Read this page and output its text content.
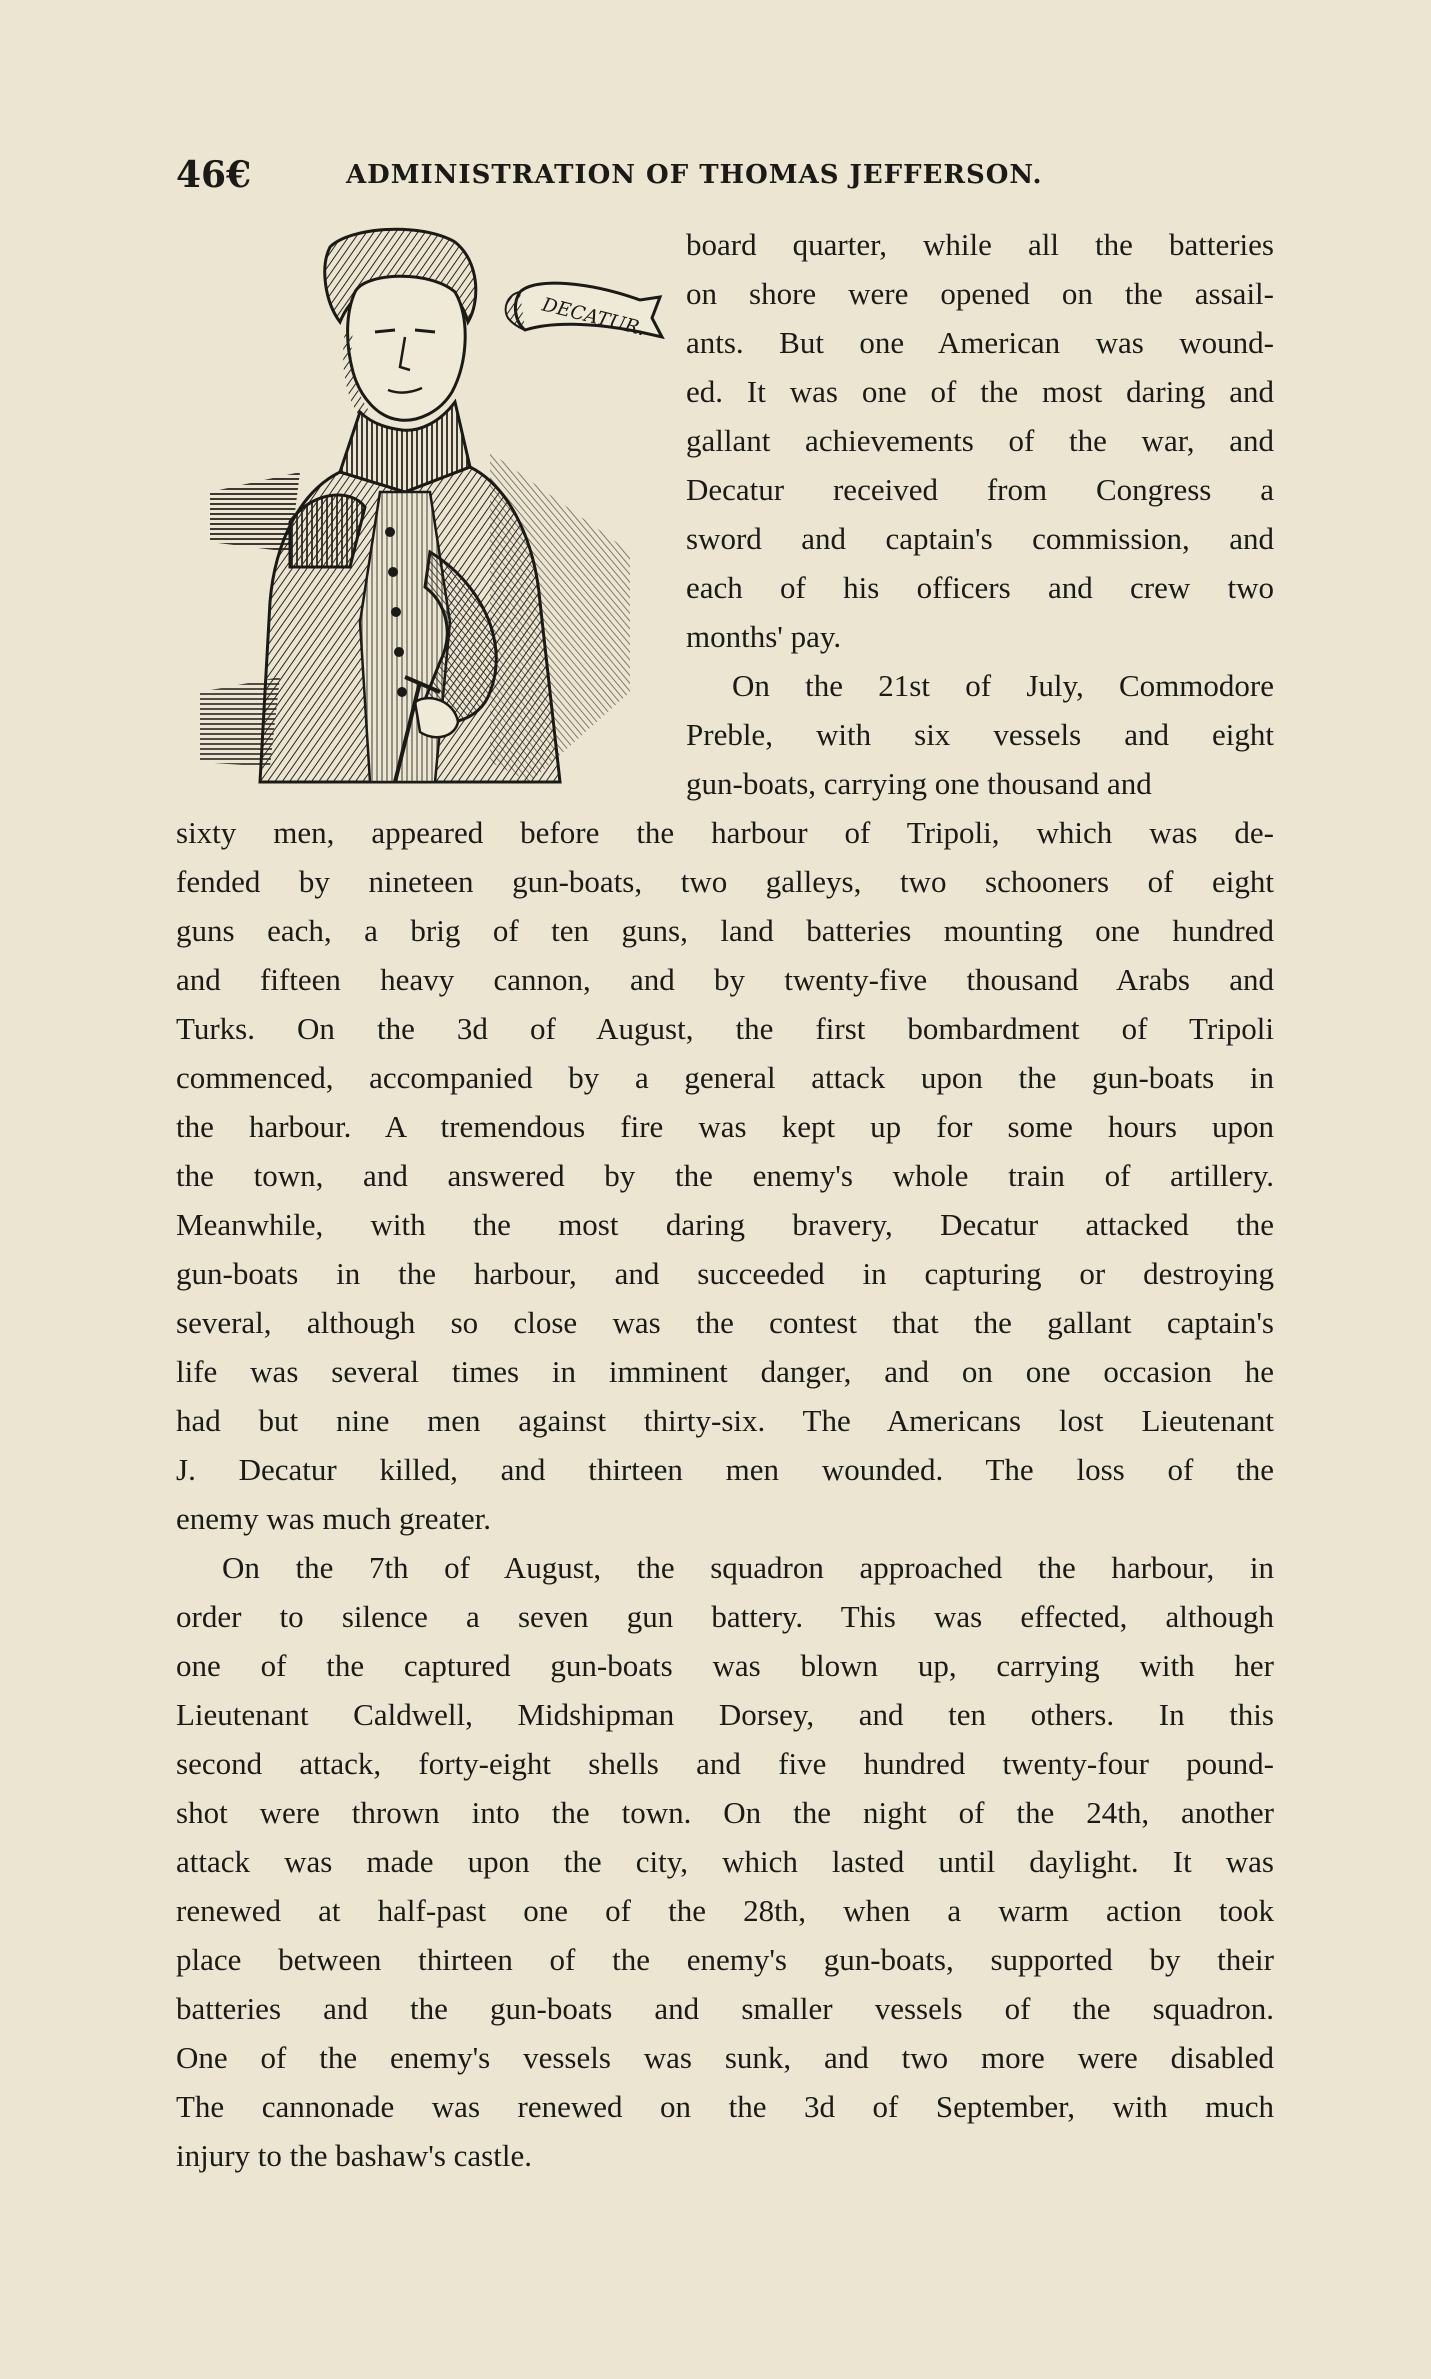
46€	ADMINISTRATION OF THOMAS JEFFERSON.
DECATUR.
board quarter, while all the batteries
on shore were opened on the assail-
ants. But one American was wound-
ed. It was one of the most daring and
gallant achievements of the war, and
Decatur received from Congress a
sword and captain's commission, and
each of his officers and crew two
months' pay.
On the 21st of July, Commodore
Preble, with six vessels and eight
gun-boats, carrying one thousand and
sixty men, appeared before the harbour of Tripoli, which was de-
fended by nineteen gun-boats, two galleys, two schooners of eight
guns each, a brig of ten guns, land batteries mounting one hundred
and fifteen heavy cannon, and by twenty-five thousand Arabs and
Turks. On the 3d of August, the first bombardment of Tripoli
commenced, accompanied by a general attack upon the gun-boats in
the harbour. A tremendous fire was kept up for some hours upon
the town, and answered by the enemy's whole train of artillery.
Meanwhile, with the most daring bravery, Decatur attacked the
gun-boats in the harbour, and succeeded in capturing or destroying
several, although so close was the contest that the gallant captain's
life was several times in imminent danger, and on one occasion he
had but nine men against thirty-six. The Americans lost Lieutenant
J. Decatur killed, and thirteen men wounded. The loss of the
enemy was much greater.
On the 7th of August, the squadron approached the harbour, in
order to silence a seven gun battery. This was effected, although
one of the captured gun-boats was blown up, carrying with her
Lieutenant Caldwell, Midshipman Dorsey, and ten others. In this
second attack, forty-eight shells and five hundred twenty-four pound-
shot were thrown into the town. On the night of the 24th, another
attack was made upon the city, which lasted until daylight. It was
renewed at half-past one of the 28th, when a warm action took
place between thirteen of the enemy's gun-boats, supported by their
batteries and the gun-boats and smaller vessels of the squadron.
One of the enemy's vessels was sunk, and two more were disabled
The cannonade was renewed on the 3d of September, with much
injury to the bashaw's castle.
